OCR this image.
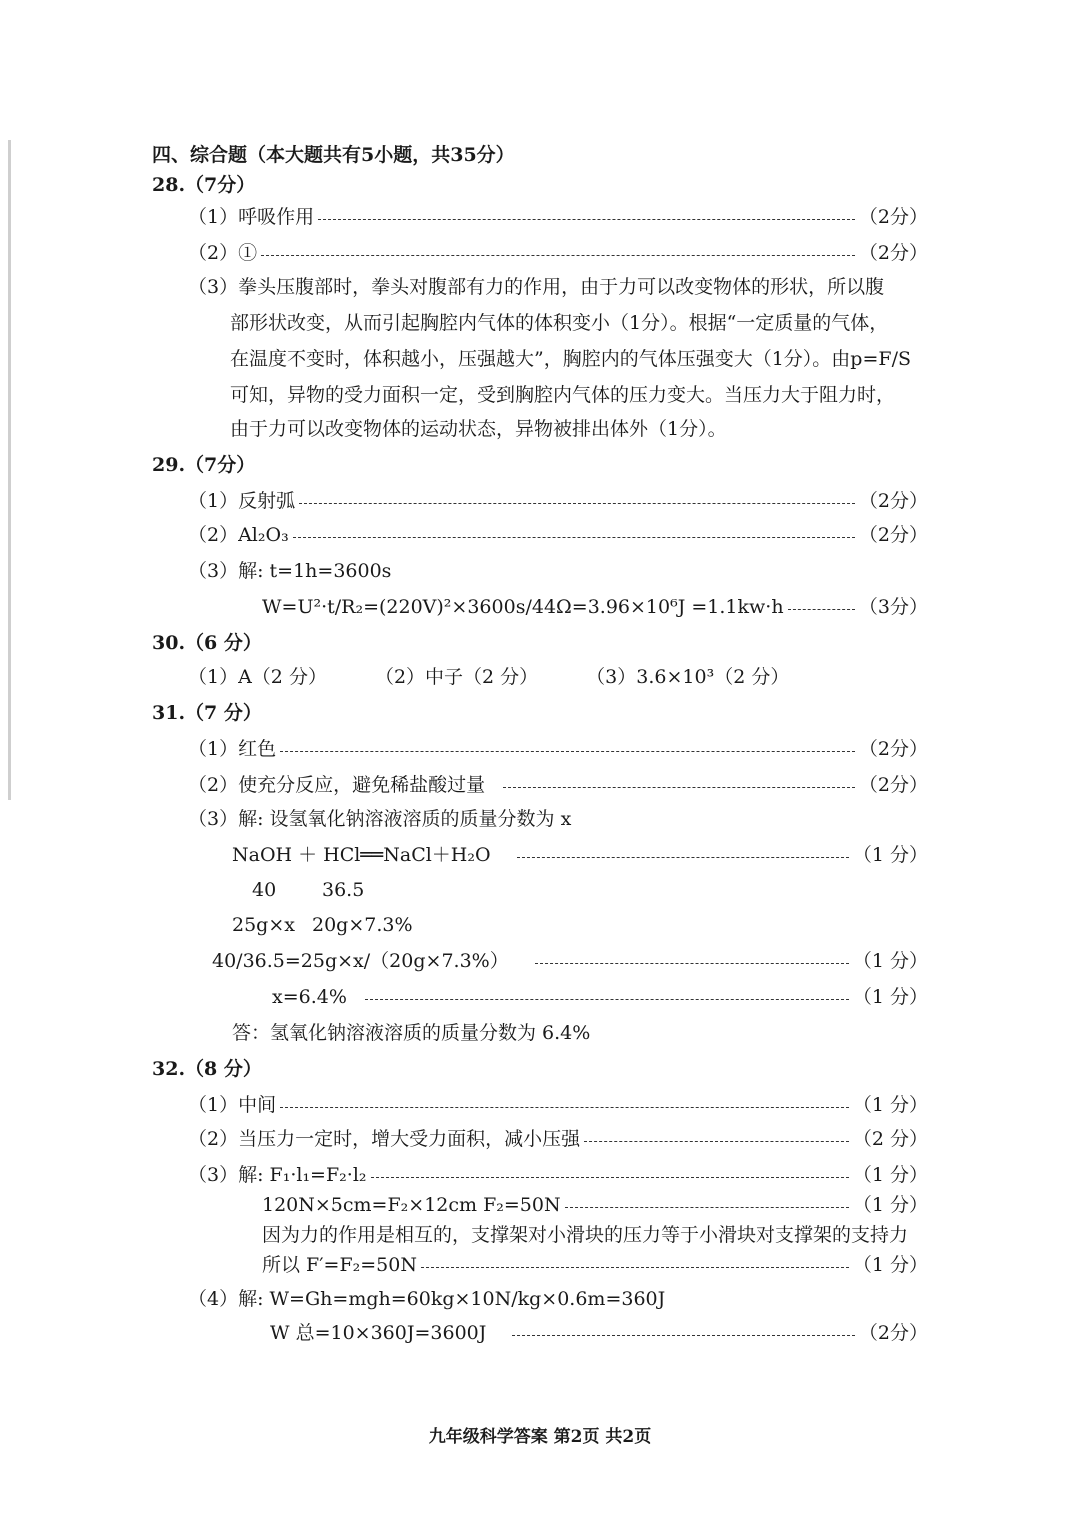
四、综合题（本大题共有5小题，共35分）
28.（7分）
（1）呼吸作用	（2分）
（2）①	（2分）
（3）拳头压腹部时，拳头对腹部有力的作用，由于力可以改变物体的形状，所以腹
部形状改变，从而引起胸腔内气体的体积变小（1分）。根据“一定质量的气体，
在温度不变时，体积越小，压强越大”，胸腔内的气体压强变大（1分）。由p=F/S
可知，异物的受力面积一定，受到胸腔内气体的压力变大。当压力大于阻力时，
由于力可以改变物体的运动状态，异物被排出体外（1分）。
29.（7分）
（1）反射弧	（2分）
（2）Al₂O₃	（2分）
（3）解: t=1h=3600s
W=U²·t/R₂=(220V)²×3600s/44Ω=3.96×10⁶J =1.1kw·h	（3分）
30.（6 分）
（1）A（2 分）	（2）中子（2 分）	（3）3.6×10³（2 分）
31.（7 分）
（1）红色	（2分）
（2）使充分反应，避免稀盐酸过量	（2分）
（3）解: 设氢氧化钠溶液溶质的质量分数为 x
NaOH ＋ HCl══NaCl＋H₂O	（1 分）
40 36.5
25g×x 20g×7.3%
40/36.5=25g×x/（20g×7.3%）	（1 分）
x=6.4%	（1 分）
答：氢氧化钠溶液溶质的质量分数为 6.4%
32.（8 分）
（1）中间	（1 分）
（2）当压力一定时，增大受力面积，减小压强	（2 分）
（3）解: F₁·l₁=F₂·l₂	（1 分）
120N×5cm=F₂×12cm F₂=50N	（1 分）
因为力的作用是相互的，支撑架对小滑块的压力等于小滑块对支撑架的支持力
所以 F′=F₂=50N	（1 分）
（4）解: W=Gh=mgh=60kg×10N/kg×0.6m=360J
W 总=10×360J=3600J	（2分）
九年级科学答案 第2页 共2页
